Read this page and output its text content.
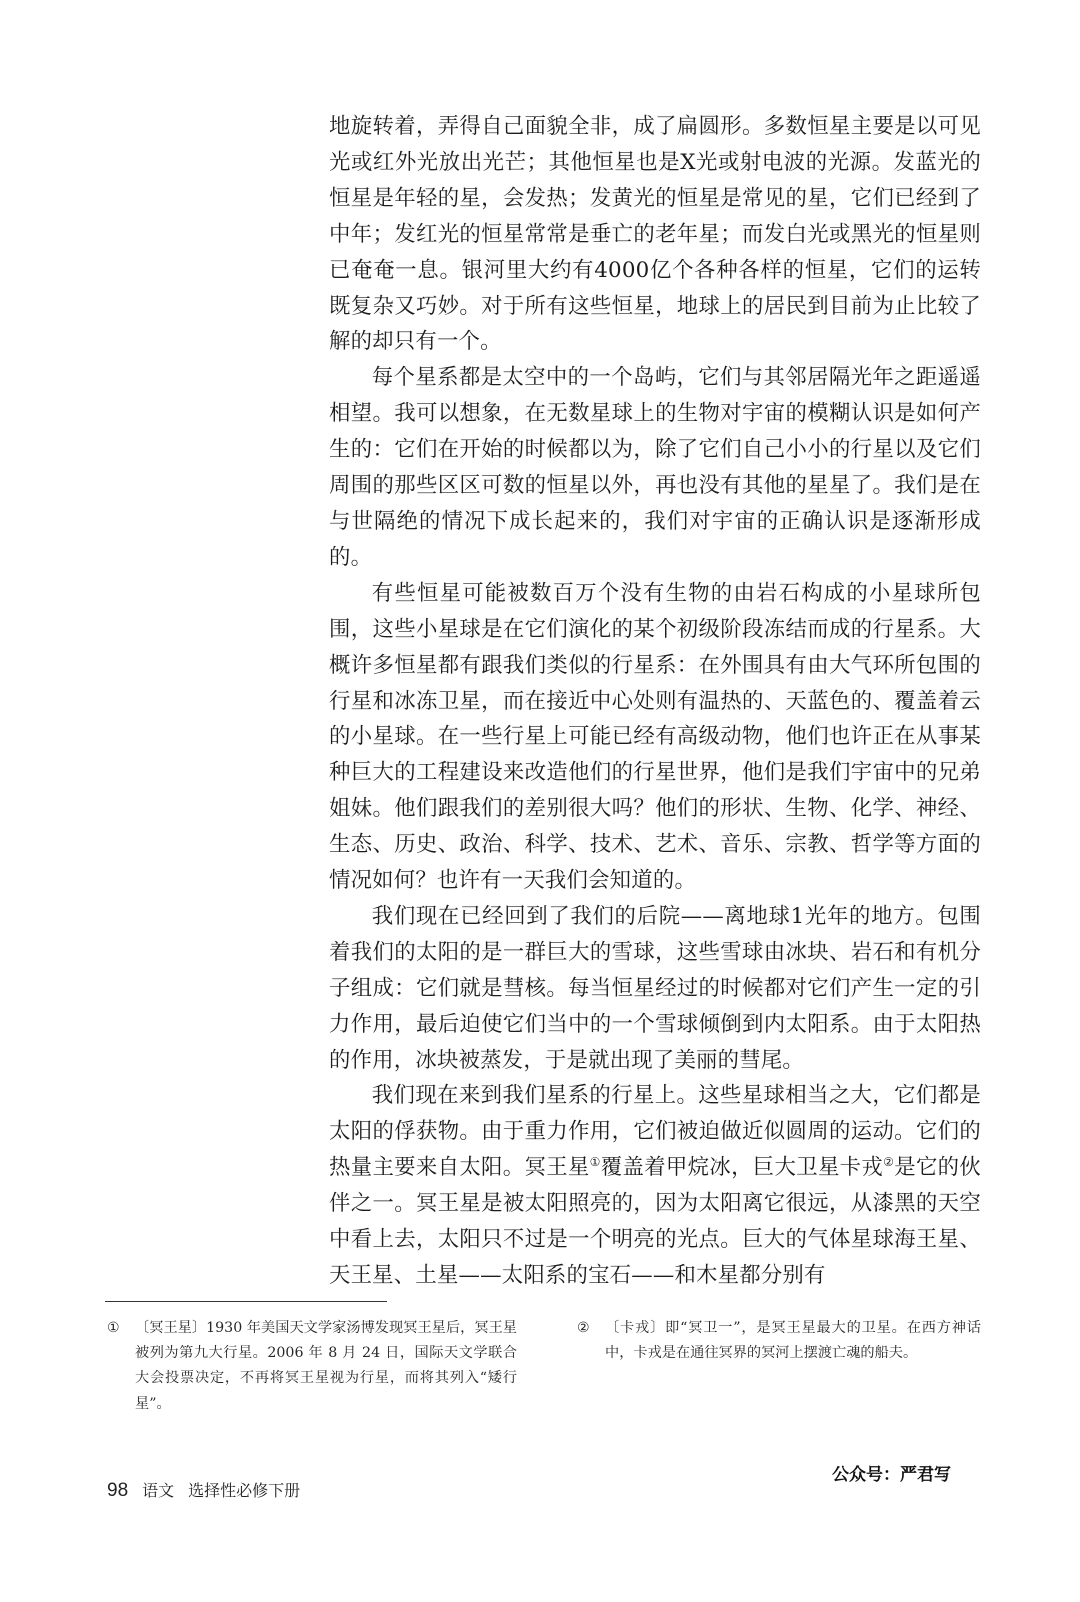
地旋转着，弄得自己面貌全非，成了扁圆形。多数恒星主要是以可见光或红外光放出光芒；其他恒星也是X光或射电波的光源。发蓝光的恒星是年轻的星，会发热；发黄光的恒星是常见的星，它们已经到了中年；发红光的恒星常常是垂亡的老年星；而发白光或黑光的恒星则已奄奄一息。银河里大约有4000亿个各种各样的恒星，它们的运转既复杂又巧妙。对于所有这些恒星，地球上的居民到目前为止比较了解的却只有一个。

每个星系都是太空中的一个岛屿，它们与其邻居隔光年之距遥遥相望。我可以想象，在无数星球上的生物对宇宙的模糊认识是如何产生的：它们在开始的时候都以为，除了它们自己小小的行星以及它们周围的那些区区可数的恒星以外，再也没有其他的星星了。我们是在与世隔绝的情况下成长起来的，我们对宇宙的正确认识是逐渐形成的。

有些恒星可能被数百万个没有生物的由岩石构成的小星球所包围，这些小星球是在它们演化的某个初级阶段冻结而成的行星系。大概许多恒星都有跟我们类似的行星系：在外围具有由大气环所包围的行星和冰冻卫星，而在接近中心处则有温热的、天蓝色的、覆盖着云的小星球。在一些行星上可能已经有高级动物，他们也许正在从事某种巨大的工程建设来改造他们的行星世界，他们是我们宇宙中的兄弟姐妹。他们跟我们的差别很大吗？他们的形状、生物、化学、神经、生态、历史、政治、科学、技术、艺术、音乐、宗教、哲学等方面的情况如何？也许有一天我们会知道的。

我们现在已经回到了我们的后院——离地球1光年的地方。包围着我们的太阳的是一群巨大的雪球，这些雪球由冰块、岩石和有机分子组成：它们就是彗核。每当恒星经过的时候都对它们产生一定的引力作用，最后迫使它们当中的一个雪球倾倒到内太阳系。由于太阳热的作用，冰块被蒸发，于是就出现了美丽的彗尾。

我们现在来到我们星系的行星上。这些星球相当之大，它们都是太阳的俘获物。由于重力作用，它们被迫做近似圆周的运动。它们的热量主要来自太阳。冥王星①覆盖着甲烷冰，巨大卫星卡戎②是它的伙伴之一。冥王星是被太阳照亮的，因为太阳离它很远，从漆黑的天空中看上去，太阳只不过是一个明亮的光点。巨大的气体星球海王星、天王星、土星——太阳系的宝石——和木星都分别有

① 〔冥王星〕1930 年美国天文学家汤博发现冥王星后，冥王星被列为第九大行星。2006 年 8 月 24 日，国际天文学联合大会投票决定，不再将冥王星视为行星，而将其列入“矮行星”。
② 〔卡戎〕即“冥卫一”，是冥王星最大的卫星。在西方神话中，卡戎是在通往冥界的冥河上摆渡亡魂的船夫。
公众号：严君写
98 语文 选择性必修下册
